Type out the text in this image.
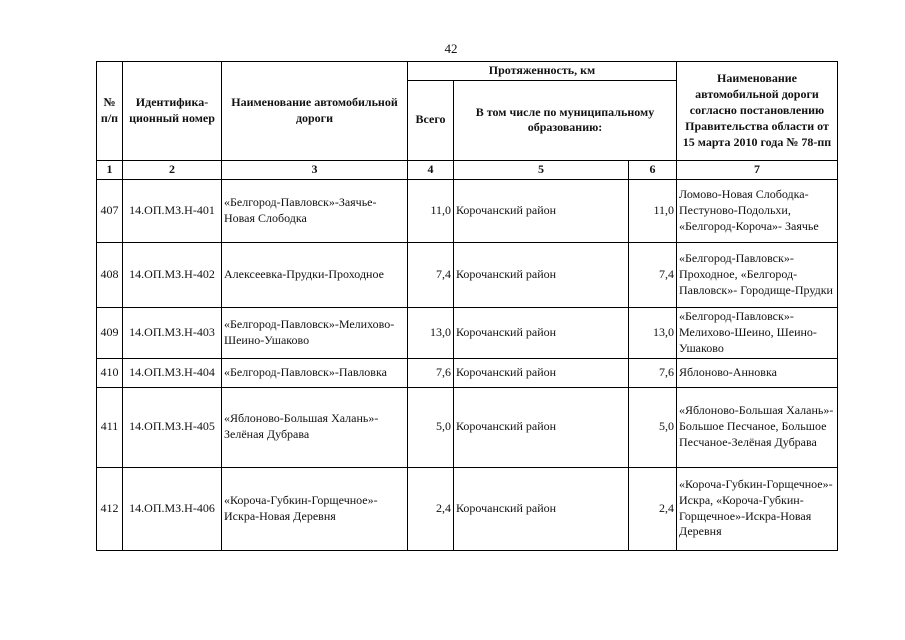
42
№ п/п	Идентифика-ционный номер	Наименование автомобильной дороги	Протяженность, км			Наименование автомобильной дороги согласно постановлению Правительства области от 15 марта 2010 года № 78-пп
			Всего	В том числе по муниципальному образованию:		
1	2	3	4	5	6	7
407	14.ОП.МЗ.Н-401	«Белгород-Павловск»-Заячье-Новая Слободка	11,0	Корочанский район	11,0	Ломово-Новая Слободка-Пестуново-Подольхи, «Белгород-Короча»- Заячье
408	14.ОП.МЗ.Н-402	Алексеевка-Прудки-Проходное	7,4	Корочанский район	7,4	«Белгород-Павловск»-Проходное, «Белгород-Павловск»- Городище-Прудки
409	14.ОП.МЗ.Н-403	«Белгород-Павловск»-Мелихово-Шеино-Ушаково	13,0	Корочанский район	13,0	«Белгород-Павловск»-Мелихово-Шеино, Шеино-Ушаково
410	14.ОП.МЗ.Н-404	«Белгород-Павловск»-Павловка	7,6	Корочанский район	7,6	Яблоново-Анновка
411	14.ОП.МЗ.Н-405	«Яблоново-Большая Халань»-Зелёная Дубрава	5,0	Корочанский район	5,0	«Яблоново-Большая Халань»-Большое Песчаное, Большое Песчаное-Зелёная Дубрава
412	14.ОП.МЗ.Н-406	«Короча-Губкин-Горщечное»-Искра-Новая Деревня	2,4	Корочанский район	2,4	«Короча-Губкин-Горщечное»-Искра, «Короча-Губкин-Горщечное»-Искра-Новая Деревня
